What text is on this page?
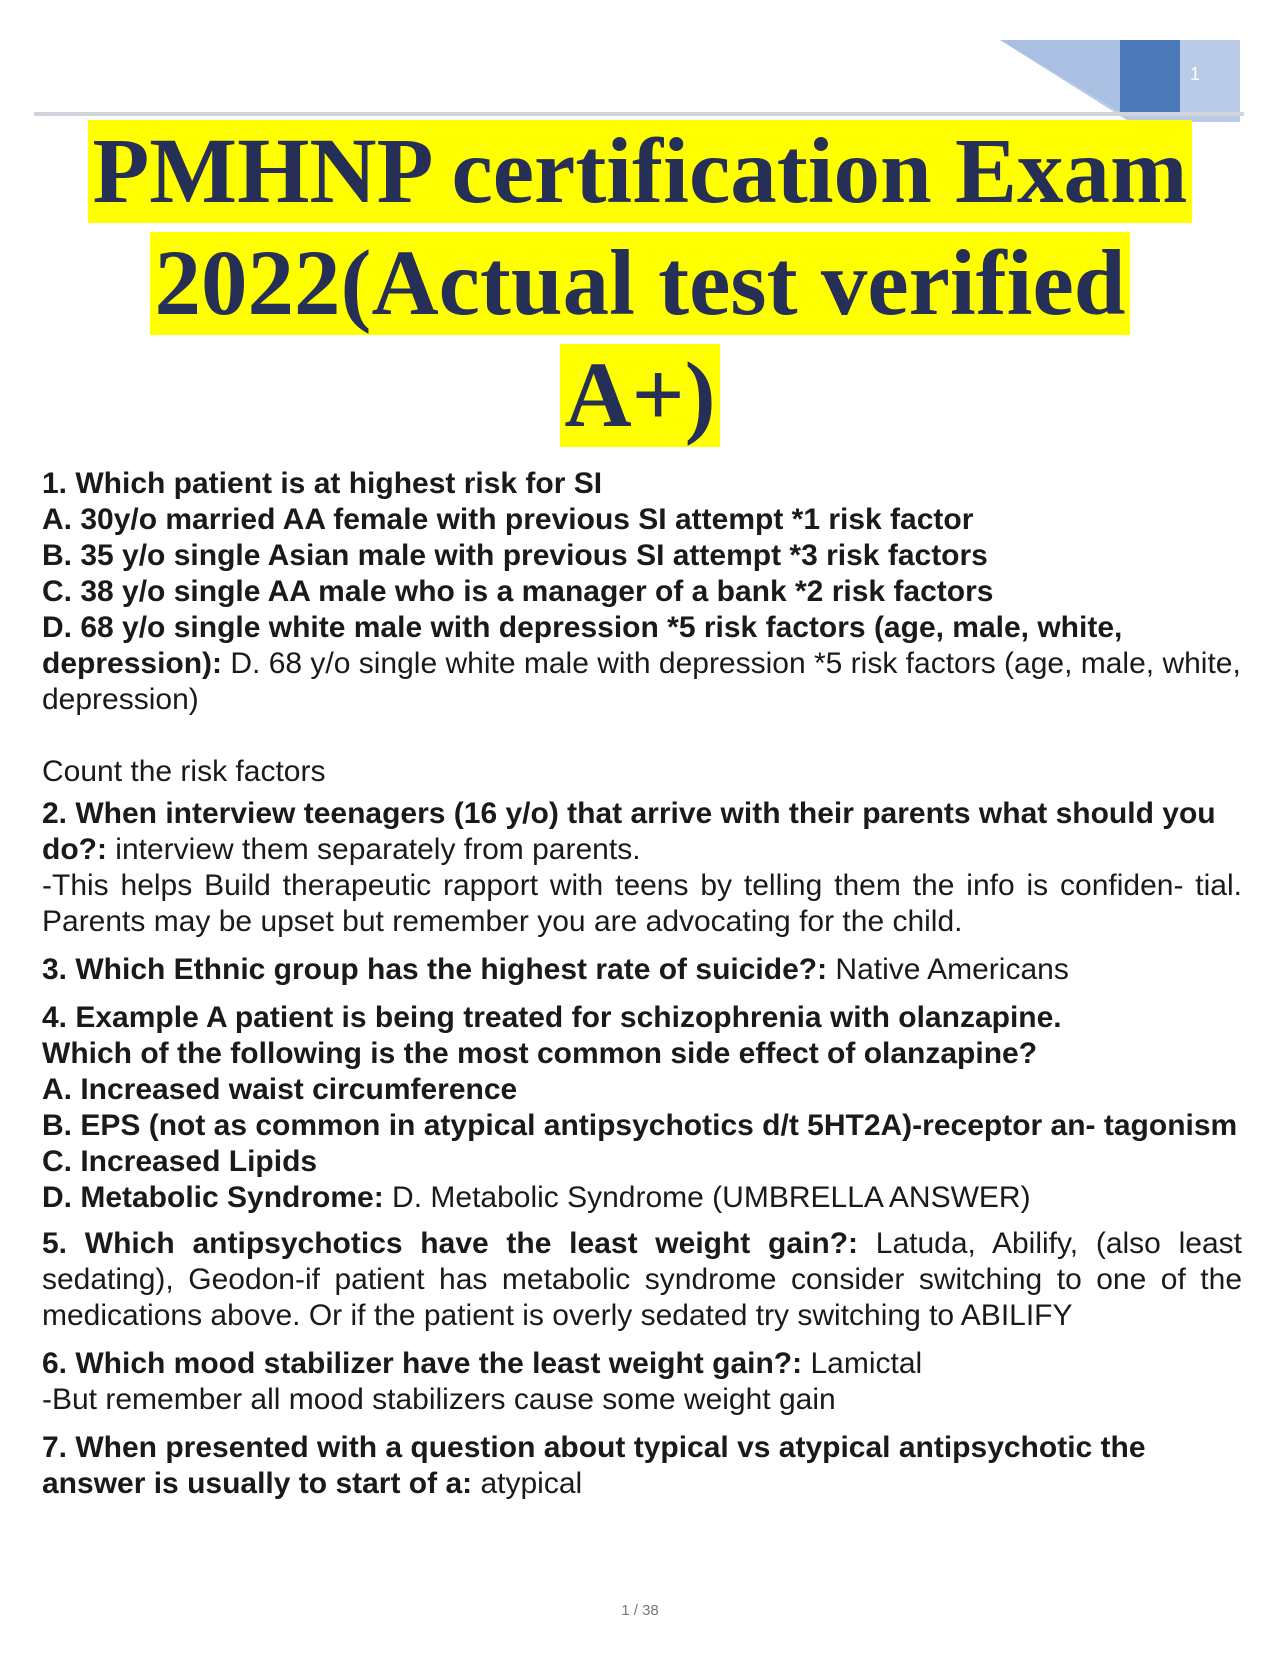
1
PMHNP certification Exam
2022(Actual test verified
A+)

1. Which patient is at highest risk for SI

A. 30y/o married AA female with previous SI attempt *1 risk factor

B. 35 y/o single Asian male with previous SI attempt *3 risk factors

C. 38 y/o single AA male who is a manager of a bank *2 risk factors

D. 68 y/o single white male with depression *5 risk factors (age, male, white, depression): D. 68 y/o single white male with depression *5 risk factors (age, male, white, depression)

Count the risk factors

2. When interview teenagers (16 y/o) that arrive with their parents what should you do?: interview them separately from parents.

-This helps Build therapeutic rapport with teens by telling them the info is confiden- tial. Parents may be upset but remember you are advocating for the child.

3. Which Ethnic group has the highest rate of suicide?: Native Americans

4. Example A patient is being treated for schizophrenia with olanzapine.

Which of the following is the most common side effect of olanzapine?

A. Increased waist circumference

B. EPS (not as common in atypical antipsychotics d/t 5HT2A)-receptor an- tagonism

C. Increased Lipids

D. Metabolic Syndrome: D. Metabolic Syndrome (UMBRELLA ANSWER)

5. Which antipsychotics have the least weight gain?: Latuda, Abilify, (also least sedating), Geodon-if patient has metabolic syndrome consider switching to one of the medications above. Or if the patient is overly sedated try switching to ABILIFY

6. Which mood stabilizer have the least weight gain?: Lamictal

-But remember all mood stabilizers cause some weight gain

7. When presented with a question about typical vs atypical antipsychotic the answer is usually to start of a: atypical

1 / 38
